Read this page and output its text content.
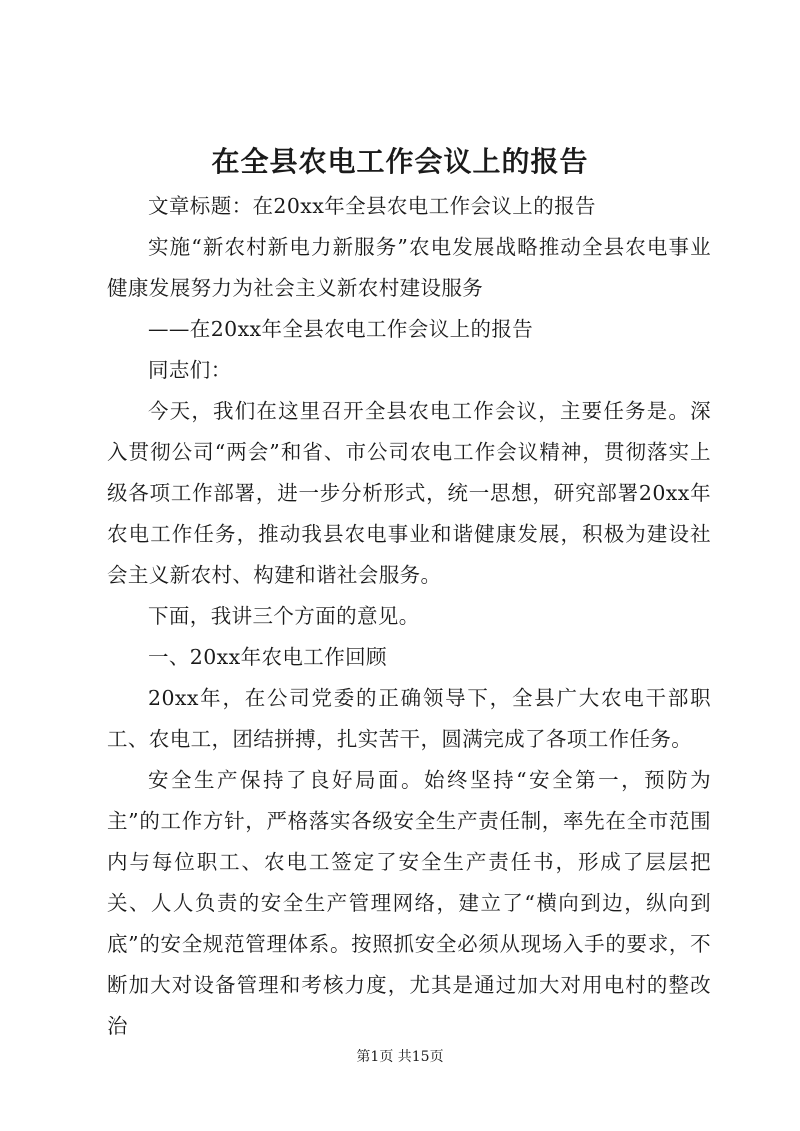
在全县农电工作会议上的报告

文章标题：在20xx年全县农电工作会议上的报告

实施“新农村新电力新服务”农电发展战略推动全县农电事业健康发展努力为社会主义新农村建设服务

——在20xx年全县农电工作会议上的报告

同志们：

今天，我们在这里召开全县农电工作会议，主要任务是。深入贯彻公司“两会”和省、市公司农电工作会议精神，贯彻落实上级各项工作部署，进一步分析形式，统一思想，研究部署20xx年农电工作任务，推动我县农电事业和谐健康发展，积极为建设社会主义新农村、构建和谐社会服务。

下面，我讲三个方面的意见。

一、20xx年农电工作回顾

20xx年，在公司党委的正确领导下，全县广大农电干部职工、农电工，团结拼搏，扎实苦干，圆满完成了各项工作任务。

安全生产保持了良好局面。始终坚持“安全第一，预防为主”的工作方针，严格落实各级安全生产责任制，率先在全市范围内与每位职工、农电工签定了安全生产责任书，形成了层层把关、人人负责的安全生产管理网络，建立了“横向到边，纵向到底”的安全规范管理体系。按照抓安全必须从现场入手的要求，不断加大对设备管理和考核力度，尤其是通过加大对用电村的整改治

第1页 共15页
